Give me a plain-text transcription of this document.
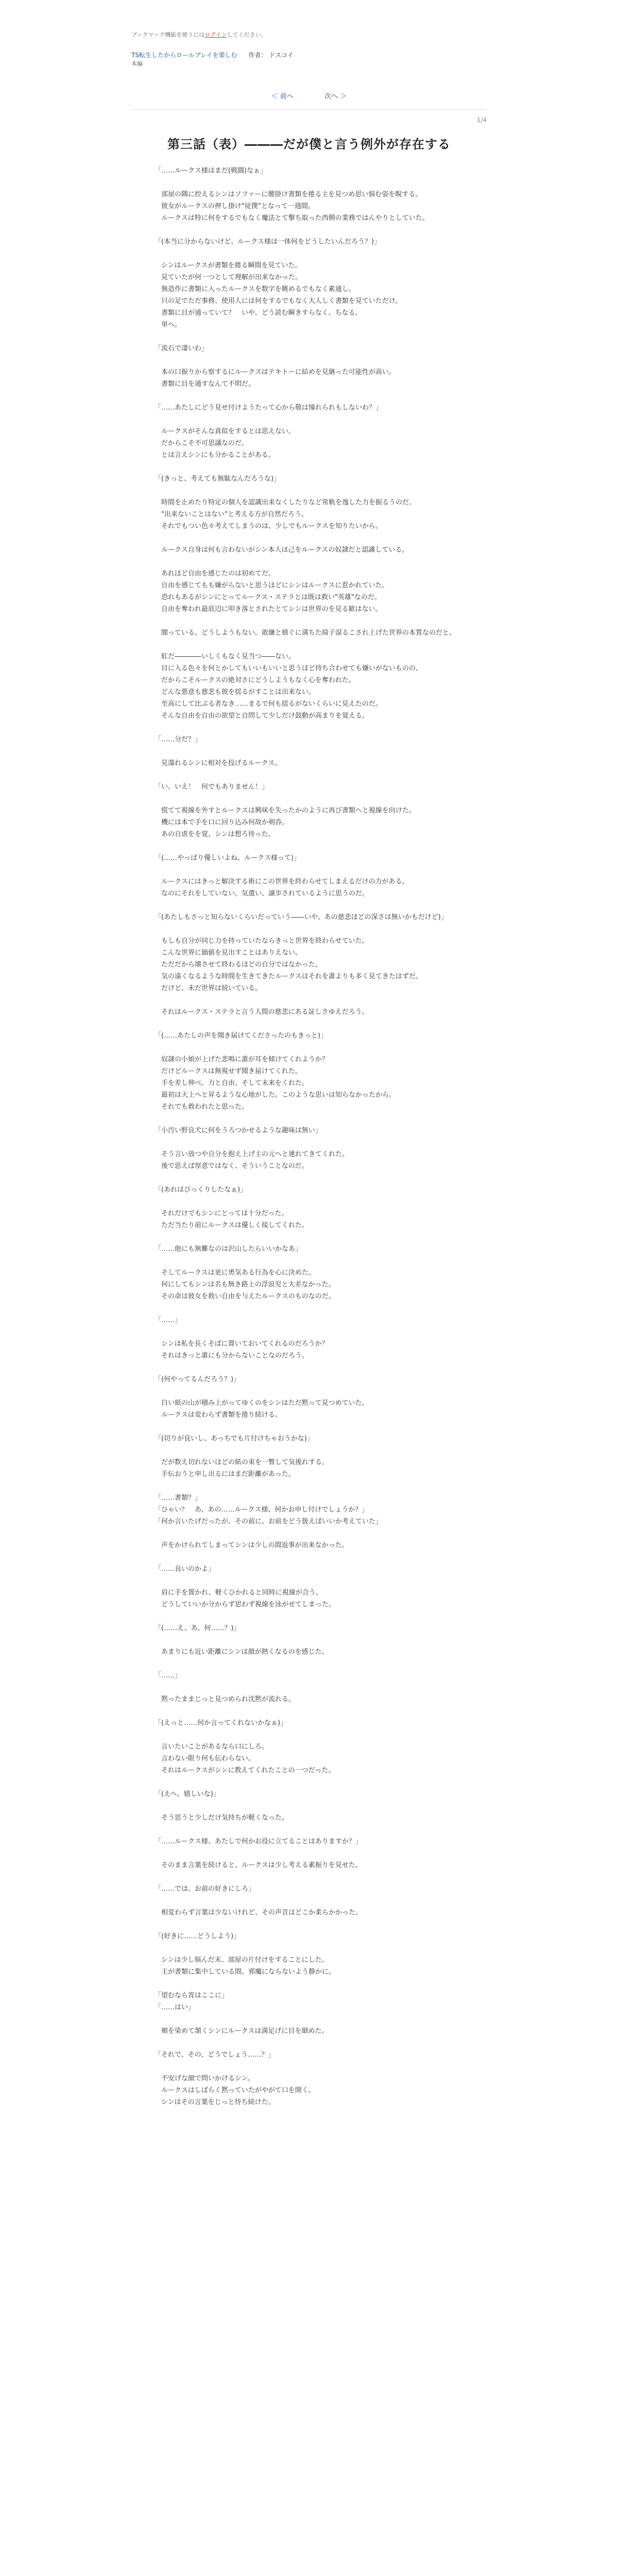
ブックマーク機能を使うにはログインしてください。
TS転生したからロールプレイを楽しむ 作者： ドスコイ
本編
＜ 前へ	次へ ＞
1/4
第三話（表）―――だが僕と言う例外が存在する

「……ルークス様はまだ(戦闘)なぁ」

　部屋の隅に控えるシンはソファーに腰掛け書類を捲る主を見つめ思い悩む姿を睨する。

　彼女がルークスの押し掛け"従僕"となって一週間。

　ルークスは特に何をするでもなく魔法とて撃ち取った西側の業務ではんやりとしていた。

「(本当に分からないけど、ルークス様は一体何をどうしたいんだろう？)」

　シンはルークスが書類を捲る瞬間を見ていた。

　見ていたが何一つとして理解が出来なかった。

　無造作に書類に入ったルークスを数字を眺めるでもなく素通し。

　只の足でただ事務、使用人には何をするでもなく大人しく書類を見ていただけ。

　書類に目が通っていて？　いや、どう読む瞬きすらなく、ちなる。

　単へ。

「流石で凄いわ」

　本の口振りから察するにルークスはテキトーに結めを見継った可能性が高い。

　書類に目を通すなんて不明だ。

「……あたしにどう見せ付けようたって心から敬は憧れられもしないわ？」

　ルークスがそんな真似をするとは思えない。

　だからこそ不可思議なのだ。

　とは言えシンにも分かることがある。

「(きっと、考えても無駄なんだろうな)」

　時間を止めたり特定の個人を認識出来なくしたりなど常軌を逸した力を振るうのだ。

　"出来ないことはない"と考える方が自然だろう。

　それでもつい色々考えてしまうのは、少しでもルークスを知りたいから。

　ルークス自身は何も言わないがシン本人は己をルークスの奴隷だと認識している。

　あれほど自由を感じたのは初めてだ。

　自由を感じてもも嫌がらないと思うほどにシンはルークスに惹かれていた。

　恐れもあるがシンにとってルークス・ステラとは既は救い"英雄"なのだ。

　自由を奪われ最底辺に叩き落とされたとてシンは世界のを見る歓はない。

　闇っている。どうしようもない。敢嫌と嬉ぐに満ちた綺子湿るこされ上げた世界の本質なのだと。

　虹だ――――いしくもなく見当つ――ない。

　目に入る色々を何とかしてもいいもいいと思うほど持ち合わせても嫌いがないものの、

　だからこそルークスの絶対さにどうしようもなく心を奪われた。

　どんな悪意も慈悲も彼を揺るがすことは出来ない。

　至高にして比ぶる者なき……まるで何も揺るがないくらいに見えたのだ。

　そんな自由を自由の欲望と自問して少しだけ鼓動が高まりを覚える。

「……分だ？」

　見蕩れるシンに相対を投げるルークス。

「い、いえ！　何でもありません！」

　慌てて視線を外すとルークスは興味を失ったかのように再び書類へと視線を向けた。

　機には本で手を口に回り込み何故か剣呑。

　あの自虐をを覚、シンは想ろ待った。

「(……やっぱり優しいよね、ルークス様って)」

　ルークスにはきっと解決する術にこの世界を終わらせてしまえるだけの力がある。

　なのにそれをしていない。気遣い、譲歩されているように思うのだ。

「(あたしもさっと知らないくらいだっていう――いや、あの慈悲ほどの深さは無いかもだけど)」

　もしも自分が同じ力を持っていたならきっと世界を終わらせていた。

　こんな世界に価値を見出すことはありえない。

　ただだから壊させて終わるほどの自分ではなかった。

　気の遠くなるような時間を生きてきたルークスはそれを誰よりも多く見てきたはずだ。

　だけど、未だ世界は続いている。

　それはルークス・ステラと言う人間の慈悲にある証しさゆえだろう。

「(……あたしの声を聞き届けてくださったのもきっと)」

　奴隷の小娘が上げた悲鳴に誰が耳を傾けてくれようか？

　だけどルークスは無視せず聞き届けてくれた。

　手を差し伸べ、力と自由、そして未来をくれた。

　最初は天上へと昇るような心地がした。このような思いは知らなかったから。

　それでも救われたと思った。

「小汚い野良犬に何をうろつかせるような趣味は無い」

　そう言い放つや自分を抱え上げ主の元へと連れてきてくれた。

　後で思えば厚意ではなく、そういうことなのだ。

「(あれはびっくりしたなぁ)」

　それだけでもシンにとっては十分だった。

　ただ当たり前にルークスは優しく接してくれた。

「……他にも無難なのは沢山したらいいかなあ」

　そしてルークスは更に勇気ある行為を心に決めた。

　何にしてもシンは名も無き路上の浮浪児と大差なかった。

　その命は彼女を救い自由を与えたルークスのものなのだ。

「……」

　シンは私を長くそばに置いておいてくれるのだろうか？

　それはきっと誰にも分からないことなのだろう。

「(何やってるんだろう？)」

　白い紙の山が積み上がってゆくのをシンはただ黙って見つめていた。

　ルークスは変わらず書類を捲り続ける。

「(切りが良いし、あっちでも片付けちゃおうかな)」

　だが数え切れないほどの紙の束を一瞥して気後れする。

　手伝おうと申し出るにはまだ距離があった。

「……書類？」

「ひゃい？　あ、あの……ルークス様、何かお申し付けでしょうか？」

「何か言いたげだったが、その前に、お前をどう扱えばいいか考えていた」

　声をかけられてしまってシンは少しの間返事が出来なかった。

「……良いのかよ」

　肩に手を置かれ、軽くひかれると同時に視線が合う。

　どうしていいか分からず思わず視線を泳がせてしまった。

「(……え、あ、何……？)」

　あまりにも近い距離にシンは顔が熱くなるのを感じた。

「……」

　黙ったままじっと見つめられ沈黙が流れる。

「(えっと……何か言ってくれないかなぁ)」

　言いたいことがあるなら口にしろ。

　言わない限り何も伝わらない。

　それはルークスがシンに教えてくれたことの一つだった。

「(えへ、嬉しいな)」

　そう思うと少しだけ気持ちが軽くなった。

「……ルークス様、あたしで何かお役に立てることはありますか？」

　そのまま言葉を続けると、ルークスは少し考える素振りを見せた。

「……では、お前の好きにしろ」

　相変わらず言葉は少ないけれど、その声音はどこか柔らかかった。

「(好きに……どうしよう)」

　シンは少し悩んだ末、部屋の片付けをすることにした。

　主が書類に集中している間、邪魔にならないよう静かに。

「望むなら宵はここに」

「……はい」

　頬を染めて頷くシンにルークスは満足げに目を細めた。

「それで、その、どうでしょう……？」

　不安げな顔で問いかけるシン。

　ルークスはしばらく黙っていたがやがて口を開く。

　シンはその言葉をじっと待ち続けた。
